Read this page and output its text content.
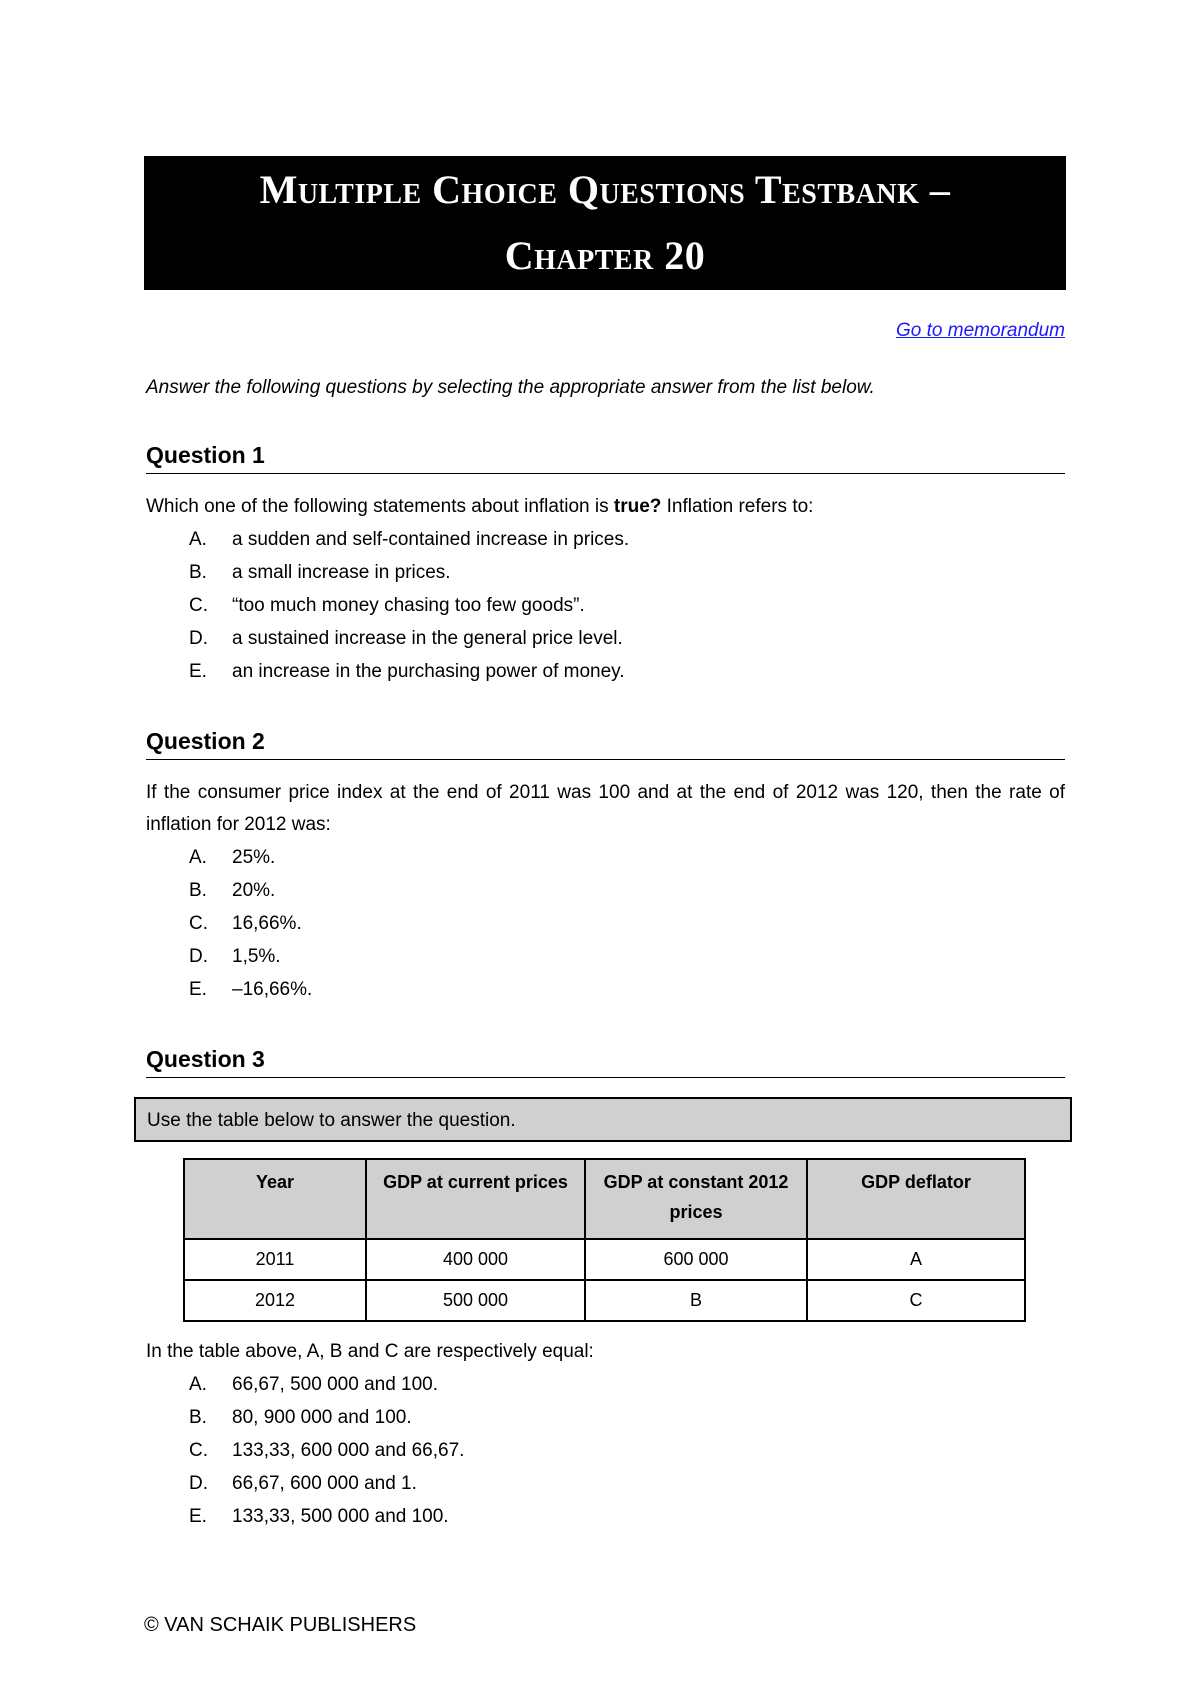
Multiple Choice Questions Testbank –
Chapter 20
Go to memorandum
Answer the following questions by selecting the appropriate answer from the list below.
Question 1
Which one of the following statements about inflation is true? Inflation refers to:
A.	a sudden and self-contained increase in prices.
B.	a small increase in prices.
C.	“too much money chasing too few goods”.
D.	a sustained increase in the general price level.
E.	an increase in the purchasing power of money.
Question 2
If the consumer price index at the end of 2011 was 100 and at the end of 2012 was 120, then the rate of inflation for 2012 was:
A.	25%.
B.	20%.
C.	16,66%.
D.	1,5%.
E.	–16,66%.
Question 3
Use the table below to answer the question.
Year	GDP at current prices	GDP at constant 2012 prices	GDP deflator
2011	400 000	600 000	A
2012	500 000	B	C
In the table above, A, B and C are respectively equal:
A.	66,67, 500 000 and 100.
B.	80, 900 000 and 100.
C.	133,33, 600 000 and 66,67.
D.	66,67, 600 000 and 1.
E.	133,33, 500 000 and 100.
© VAN SCHAIK PUBLISHERS
